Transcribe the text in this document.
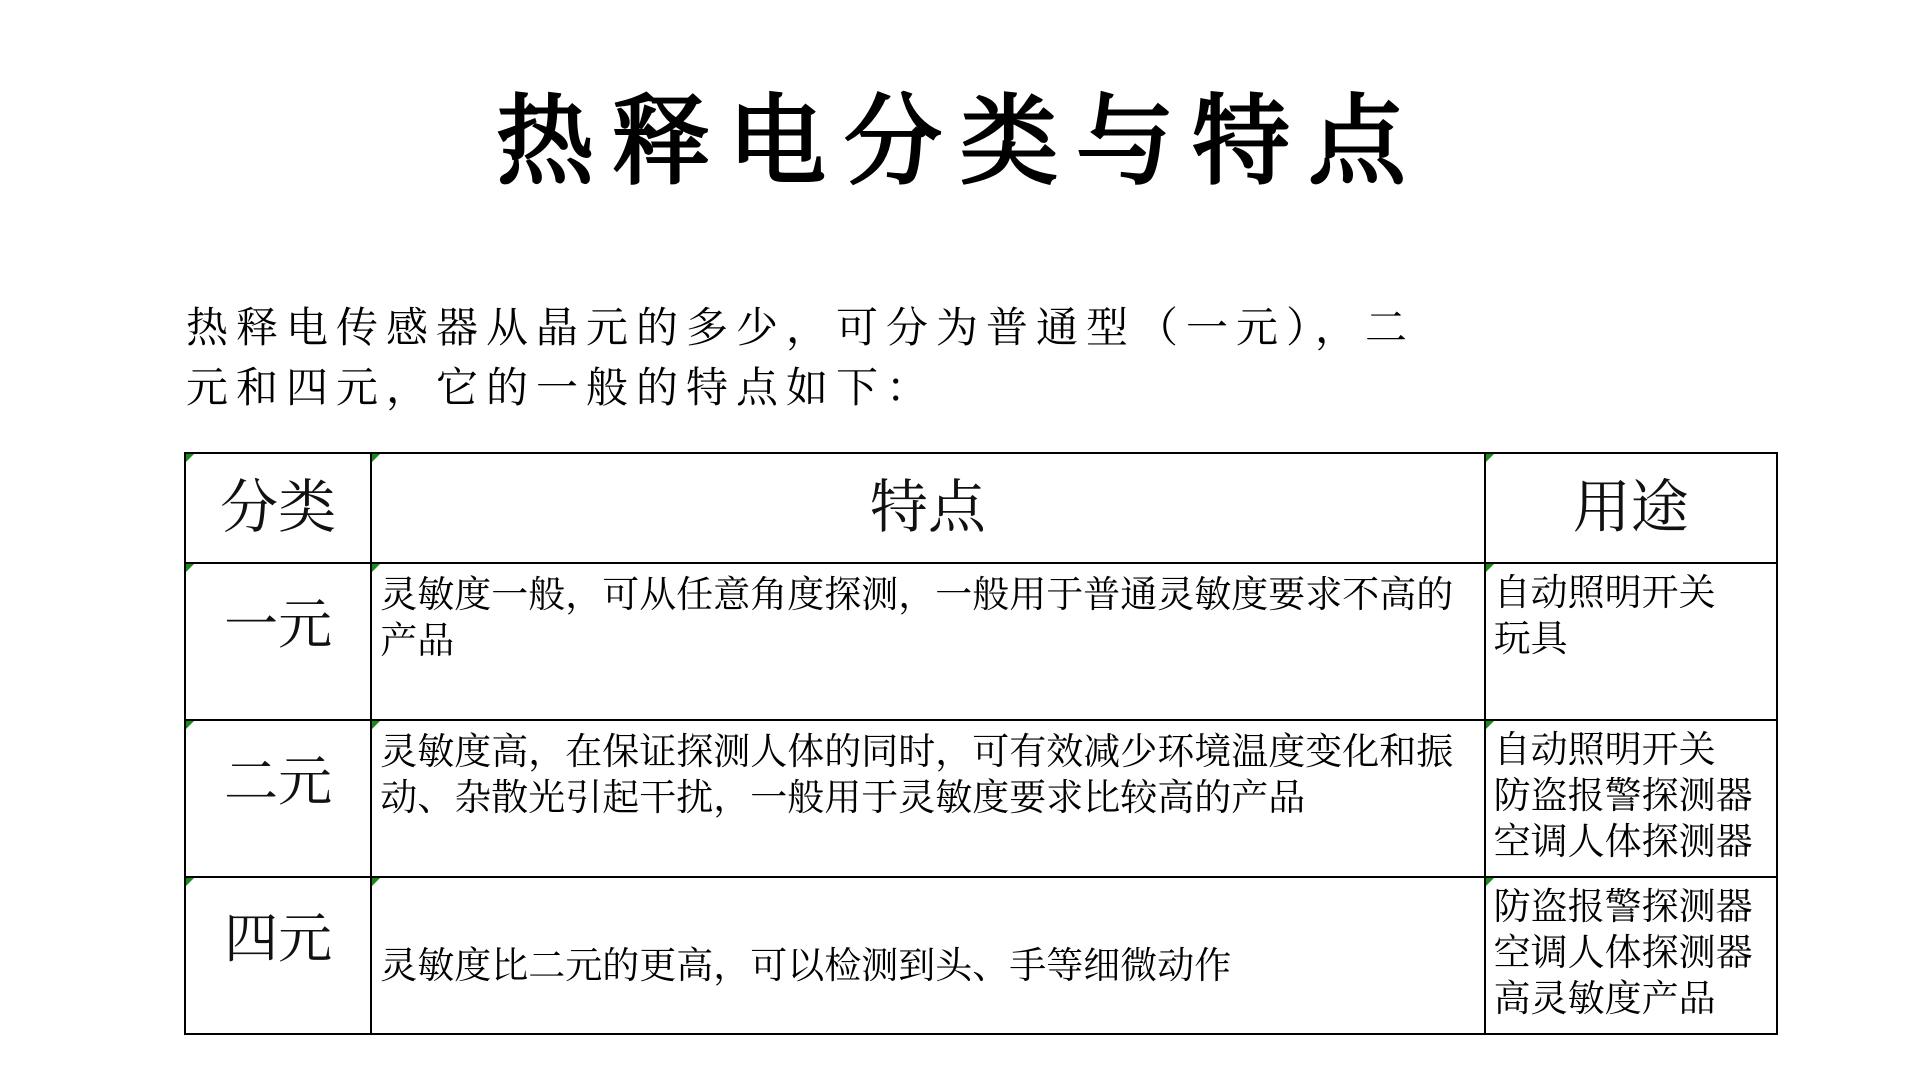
热释电分类与特点
热释电传感器从晶元的多少，可分为普通型（一元），二
元和四元，它的一般的特点如下：
分类	特点	用途

一元	灵敏度一般，可从任意角度探测，一般用于普通灵敏度要求不高的产品	自动照明开关
玩具

二元	灵敏度高，在保证探测人体的同时，可有效减少环境温度变化和振动、杂散光引起干扰，一般用于灵敏度要求比较高的产品	自动照明开关
防盗报警探测器
空调人体探测器

四元	灵敏度比二元的更高，可以检测到头、手等细微动作	防盗报警探测器
空调人体探测器
高灵敏度产品
